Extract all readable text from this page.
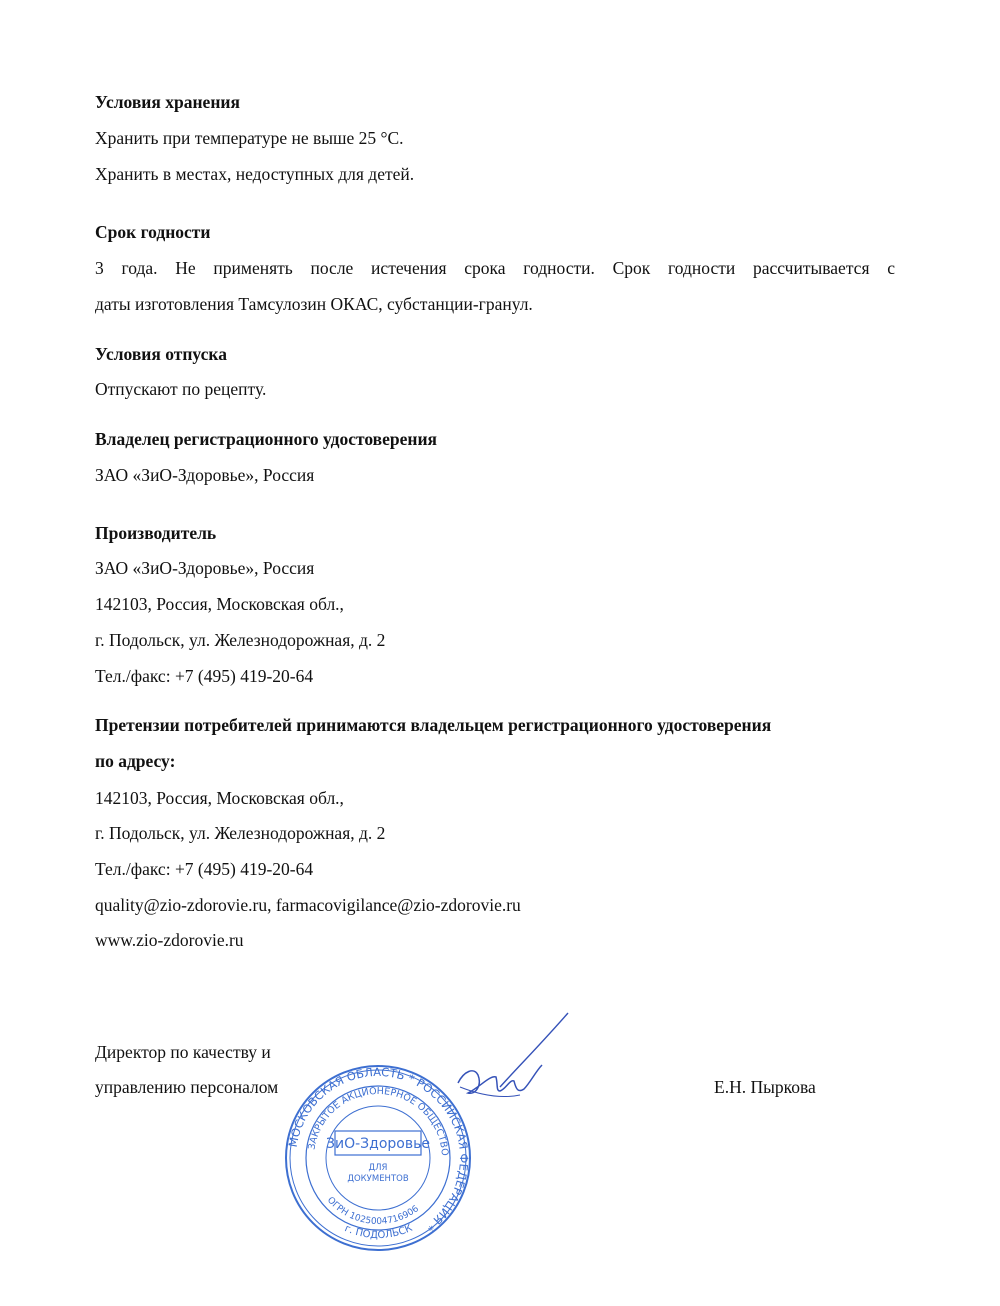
Условия хранения
Хранить при температуре не выше 25 °С.
Хранить в местах, недоступных для детей.
Срок годности
3 года. Не применять после истечения срока годности. Срок годности рассчитывается с
даты изготовления Тамсулозин ОКАС, субстанции-гранул.
Условия отпуска
Отпускают по рецепту.
Владелец регистрационного удостоверения
ЗАО «ЗиО-Здоровье», Россия
Производитель
ЗАО «ЗиО-Здоровье», Россия
142103, Россия, Московская обл.,
г. Подольск, ул. Железнодорожная, д. 2
Тел./факс: +7 (495) 419-20-64
Претензии потребителей принимаются владельцем регистрационного удостоверения
по адресу:
142103, Россия, Московская обл.,
г. Подольск, ул. Железнодорожная, д. 2
Тел./факс: +7 (495) 419-20-64
quality@zio-zdorovie.ru, farmacovigilance@zio-zdorovie.ru
www.zio-zdorovie.ru
Директор по качеству и
управлению персоналом	Е.Н. Пыркова
МОСКОВСКАЯ ОБЛАСТЬ * РОССИЙСКАЯ ФЕДЕРАЦИЯ *
ЗАКРЫТОЕ АКЦИОНЕРНОЕ ОБЩЕСТВО
ОГРН 1025004716906
г. ПОДОЛЬСК
ЗиО-Здоровье
ДЛЯ
ДОКУМЕНТОВ
